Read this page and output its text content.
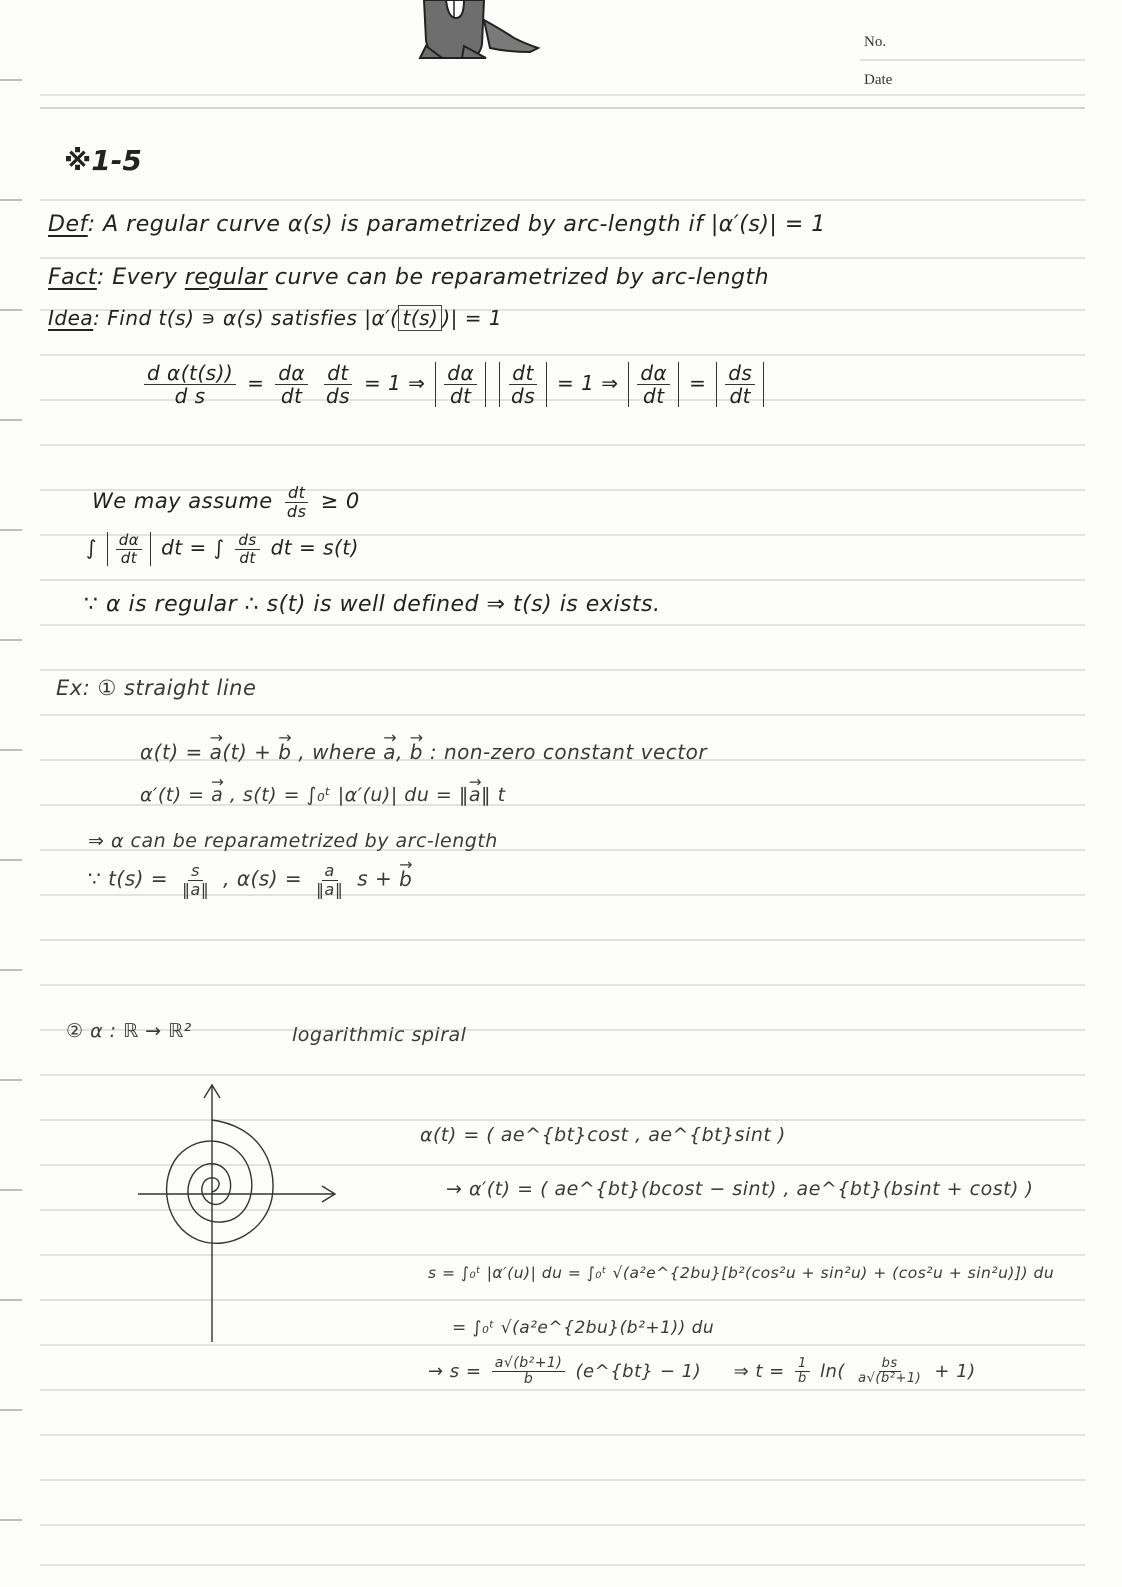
No.
Date
※1-5
Def: A regular curve α(s) is parametrized by arc-length if |α′(s)| = 1
Fact: Every regular curve can be reparametrized by arc-length
Idea: Find t(s) ∍ α(s) satisfies |α′( t(s) )| = 1
$\frac{\text{d α(t(s))}}{\text{d s}} = \frac{d\alpha}{dt}$
$\frac{dt}{ds} = 1$ ⇒ $\frac{d\alpha}{dt}$
$\frac{dt}{ds} = 1$ ⇒ $\frac{d\alpha}{dt} = \frac{ds}{dt}$
We may assume $\frac{dt}{ds} \ge 0$
∫ $\frac{d\alpha}{dt}$ dt = ∫ $\frac{ds}{dt}$ dt = s(t)
∵ α is regular ∴ s(t) is well defined ⇒ t(s) is exists.
Ex: ① straight line
α(t) = → a(t) + → b , where → a, → b : non-zero constant vector
α′(t) = → a , s(t) = ∫₀ᵗ |α′(u)| du = ‖→ a‖ t
⇒ α can be reparametrized by arc-length
∵ $t(s) = \frac{s}{‖a‖}$ , $\alpha(s) = \frac{a}{‖a‖}$ s + → b
② α : ℝ → ℝ²	logarithmic spiral
α(t) = ( ae^{bt}cost , ae^{bt}sint )
→ α′(t) = ( ae^{bt}(bcost − sint) , ae^{bt}(bsint + cost) )
s = ∫₀ᵗ |α′(u)| du = ∫₀ᵗ √(a²e^{2bu}[b²(cos²u + sin²u) + (cos²u + sin²u)]) du
= ∫₀ᵗ √(a²e^{2bu}(b²+1)) du
→ $s = \frac{\text{a√(b²+1)}}{b}$ (e^{bt} − 1) ⇒ $t = \frac{1}{b} \ln( \frac{bs}{\text{a√(b²+1)}} + 1)$
